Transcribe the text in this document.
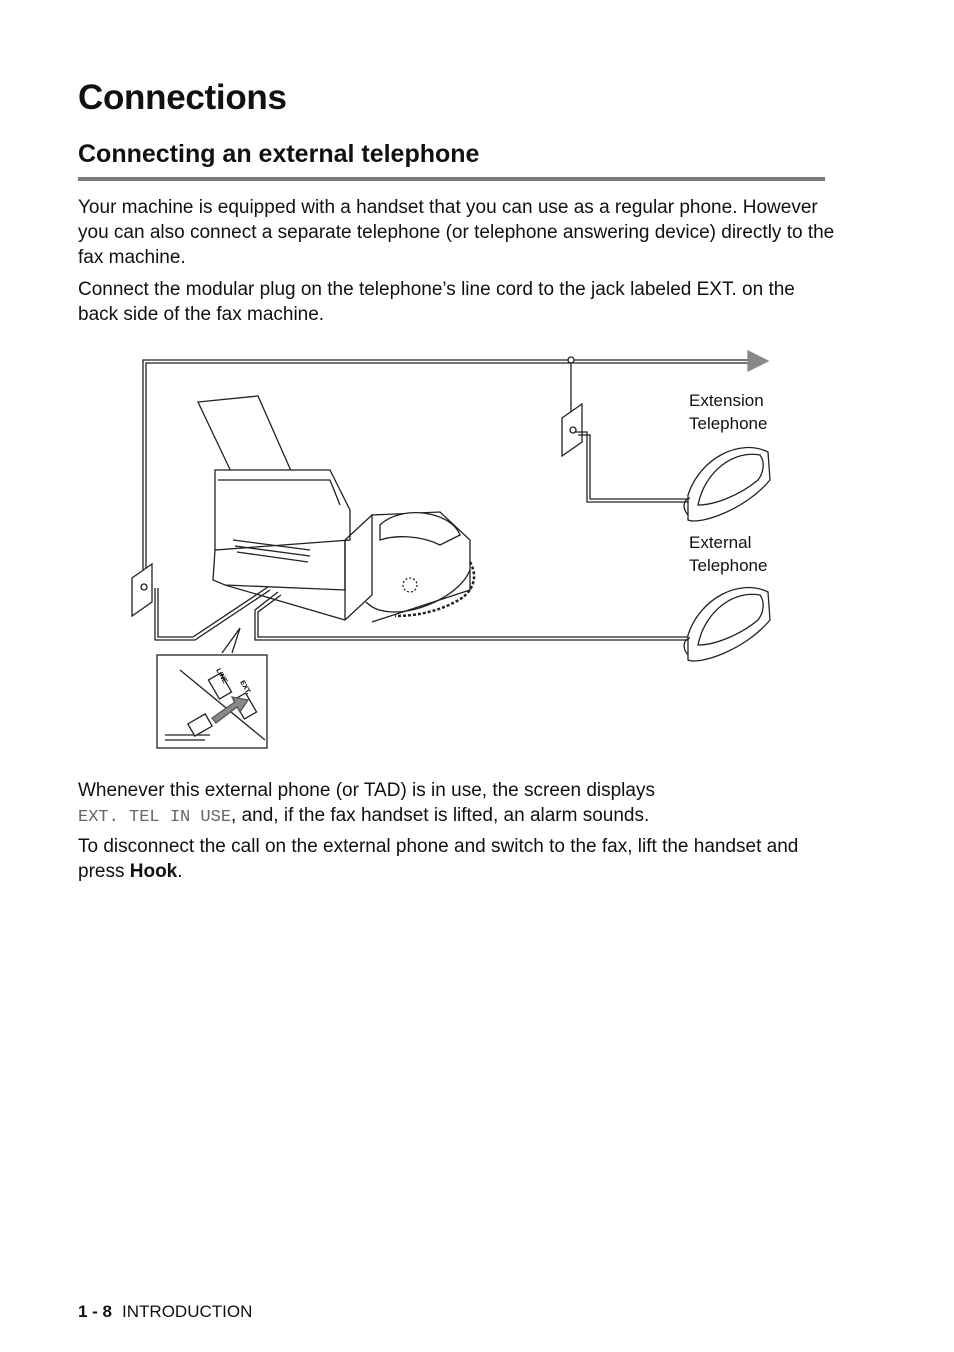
Connections
Connecting an external telephone

Your machine is equipped with a handset that you can use as a regular phone. However you can also connect a separate telephone (or telephone answering device) directly to the fax machine.

Connect the modular plug on the telephone’s line cord to the jack labeled EXT. on the back side of the fax machine.

Extension
Telephone
External
Telephone
LINE
EXT.

Whenever this external phone (or TAD) is in use, the screen displays
EXT. TEL IN USE, and, if the fax handset is lifted, an alarm sounds.

To disconnect the call on the external phone and switch to the fax, lift the handset and press Hook.

1 - 8 INTRODUCTION
